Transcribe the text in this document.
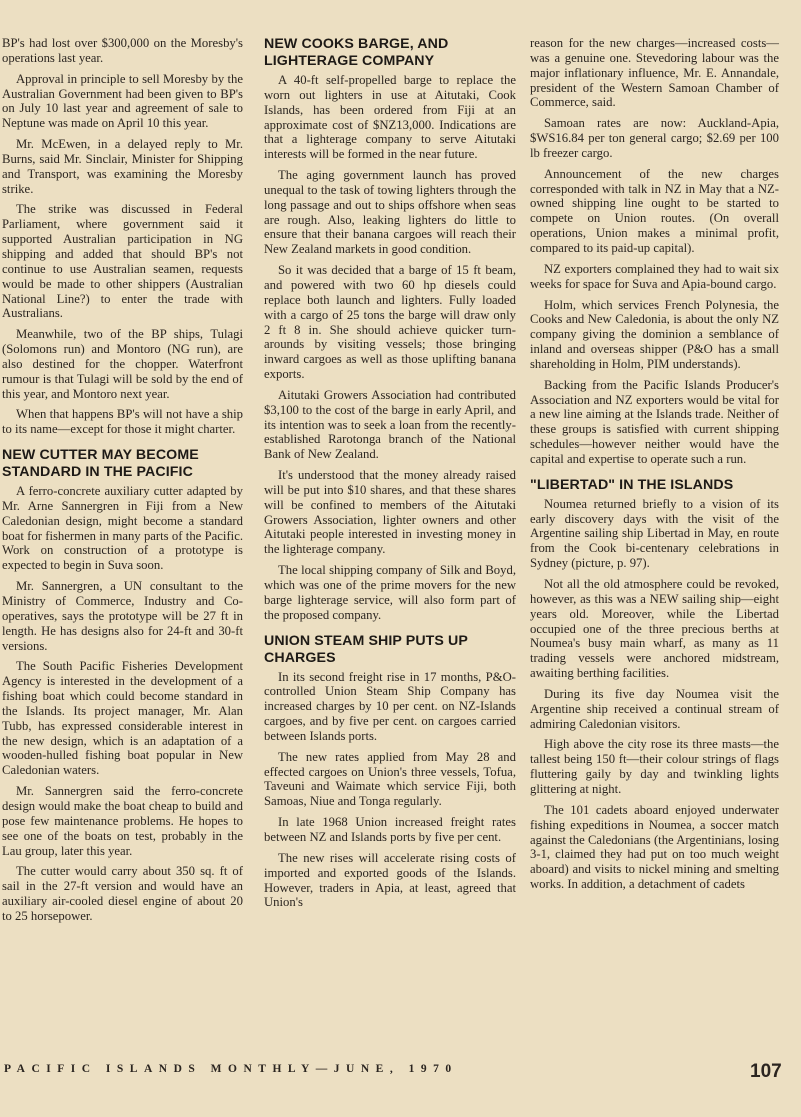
BP's had lost over $300,000 on the Moresby's operations last year.

Approval in principle to sell Moresby by the Australian Government had been given to BP's on July 10 last year and agreement of sale to Neptune was made on April 10 this year.

Mr. McEwen, in a delayed reply to Mr. Burns, said Mr. Sinclair, Minister for Shipping and Transport, was examining the Moresby strike.

The strike was discussed in Federal Parliament, where government said it supported Australian participation in NG shipping and added that should BP's not continue to use Australian seamen, requests would be made to other shippers (Australian National Line?) to enter the trade with Australians.

Meanwhile, two of the BP ships, Tulagi (Solomons run) and Montoro (NG run), are also destined for the chopper. Waterfront rumour is that Tulagi will be sold by the end of this year, and Montoro next year.

When that happens BP's will not have a ship to its name—except for those it might charter.

NEW CUTTER MAY BECOME STANDARD IN THE PACIFIC

A ferro-concrete auxiliary cutter adapted by Mr. Arne Sannergren in Fiji from a New Caledonian design, might become a standard boat for fishermen in many parts of the Pacific. Work on construction of a prototype is expected to begin in Suva soon.

Mr. Sannergren, a UN consultant to the Ministry of Commerce, Industry and Co-operatives, says the prototype will be 27 ft in length. He has designs also for 24-ft and 30-ft versions.

The South Pacific Fisheries Development Agency is interested in the development of a fishing boat which could become standard in the Islands. Its project manager, Mr. Alan Tubb, has expressed considerable interest in the new design, which is an adaptation of a wooden-hulled fishing boat popular in New Caledonian waters.

Mr. Sannergren said the ferro-concrete design would make the boat cheap to build and pose few maintenance problems. He hopes to see one of the boats on test, probably in the Lau group, later this year.

The cutter would carry about 350 sq. ft of sail in the 27-ft version and would have an auxiliary air-cooled diesel engine of about 20 to 25 horsepower.

NEW COOKS BARGE, AND LIGHTERAGE COMPANY

A 40-ft self-propelled barge to replace the worn out lighters in use at Aitutaki, Cook Islands, has been ordered from Fiji at an approximate cost of $NZ13,000. Indications are that a lighterage company to serve Aitutaki interests will be formed in the near future.

The aging government launch has proved unequal to the task of towing lighters through the long passage and out to ships offshore when seas are rough. Also, leaking lighters do little to ensure that their banana cargoes will reach their New Zealand markets in good condition.

So it was decided that a barge of 15 ft beam, and powered with two 60 hp diesels could replace both launch and lighters. Fully loaded with a cargo of 25 tons the barge will draw only 2 ft 8 in. She should achieve quicker turn-arounds by visiting vessels; those bringing inward cargoes as well as those uplifting banana exports.

Aitutaki Growers Association had contributed $3,100 to the cost of the barge in early April, and its intention was to seek a loan from the recently-established Rarotonga branch of the National Bank of New Zealand.

It's understood that the money already raised will be put into $10 shares, and that these shares will be confined to members of the Aitutaki Growers Association, lighter owners and other Aitutaki people interested in investing money in the lighterage company.

The local shipping company of Silk and Boyd, which was one of the prime movers for the new barge lighterage service, will also form part of the proposed company.

UNION STEAM SHIP PUTS UP CHARGES

In its second freight rise in 17 months, P&O-controlled Union Steam Ship Company has increased charges by 10 per cent. on NZ-Islands cargoes, and by five per cent. on cargoes carried between Islands ports.

The new rates applied from May 28 and effected cargoes on Union's three vessels, Tofua, Taveuni and Waimate which service Fiji, both Samoas, Niue and Tonga regularly.

In late 1968 Union increased freight rates between NZ and Islands ports by five per cent.

The new rises will accelerate rising costs of imported and exported goods of the Islands. However, traders in Apia, at least, agreed that Union's

reason for the new charges—increased costs—was a genuine one. Stevedoring labour was the major inflationary influence, Mr. E. Annandale, president of the Western Samoan Chamber of Commerce, said.

Samoan rates are now: Auckland-Apia, $WS16.84 per ton general cargo; $2.69 per 100 lb freezer cargo.

Announcement of the new charges corresponded with talk in NZ in May that a NZ-owned shipping line ought to be started to compete on Union routes. (On overall operations, Union makes a minimal profit, compared to its paid-up capital).

NZ exporters complained they had to wait six weeks for space for Suva and Apia-bound cargo.

Holm, which services French Polynesia, the Cooks and New Caledonia, is about the only NZ company giving the dominion a semblance of inland and overseas shipper (P&O has a small shareholding in Holm, PIM understands).

Backing from the Pacific Islands Producer's Association and NZ exporters would be vital for a new line aiming at the Islands trade. Neither of these groups is satisfied with current shipping schedules—however neither would have the capital and expertise to operate such a run.

"LIBERTAD" IN THE ISLANDS

Noumea returned briefly to a vision of its early discovery days with the visit of the Argentine sailing ship Libertad in May, en route from the Cook bi-centenary celebrations in Sydney (picture, p. 97).

Not all the old atmosphere could be revoked, however, as this was a NEW sailing ship—eight years old. Moreover, while the Libertad occupied one of the three precious berths at Noumea's busy main wharf, as many as 11 trading vessels were anchored midstream, awaiting berthing facilities.

During its five day Noumea visit the Argentine ship received a continual stream of admiring Caledonian visitors.

High above the city rose its three masts—the tallest being 150 ft—their colour strings of flags fluttering gaily by day and twinkling lights glittering at night.

The 101 cadets aboard enjoyed underwater fishing expeditions in Noumea, a soccer match against the Caledonians (the Argentinians, losing 3-1, claimed they had put on too much weight aboard) and visits to nickel mining and smelting works. In addition, a detachment of cadets

PACIFIC ISLANDS MONTHLY—JUNE, 1970	107
